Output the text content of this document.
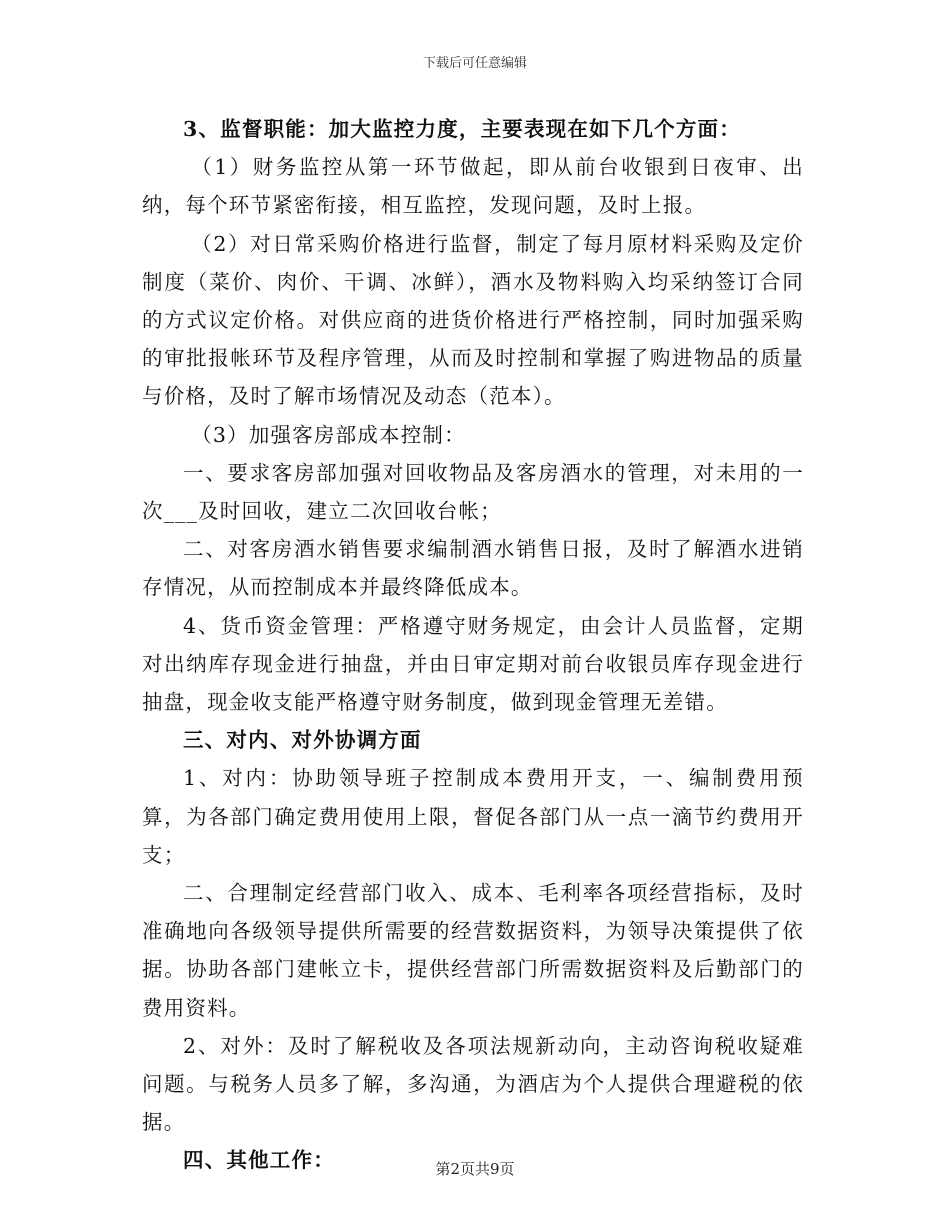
下载后可任意编辑

3、监督职能：加大监控力度，主要表现在如下几个方面：

（1）财务监控从第一环节做起，即从前台收银到日夜审、出纳，每个环节紧密衔接，相互监控，发现问题，及时上报。

（2）对日常采购价格进行监督，制定了每月原材料采购及定价制度（菜价、肉价、干调、冰鲜），酒水及物料购入均采纳签订合同的方式议定价格。对供应商的进货价格进行严格控制，同时加强采购的审批报帐环节及程序管理，从而及时控制和掌握了购进物品的质量与价格，及时了解市场情况及动态（范本）。

（3）加强客房部成本控制：

一、要求客房部加强对回收物品及客房酒水的管理，对未用的一次___及时回收，建立二次回收台帐；

二、对客房酒水销售要求编制酒水销售日报，及时了解酒水进销存情况，从而控制成本并最终降低成本。

4、货币资金管理：严格遵守财务规定，由会计人员监督，定期对出纳库存现金进行抽盘，并由日审定期对前台收银员库存现金进行抽盘，现金收支能严格遵守财务制度，做到现金管理无差错。

三、对内、对外协调方面

1、对内：协助领导班子控制成本费用开支，一、编制费用预算，为各部门确定费用使用上限，督促各部门从一点一滴节约费用开支；

二、合理制定经营部门收入、成本、毛利率各项经营指标，及时准确地向各级领导提供所需要的经营数据资料，为领导决策提供了依据。协助各部门建帐立卡，提供经营部门所需数据资料及后勤部门的费用资料。

2、对外：及时了解税收及各项法规新动向，主动咨询税收疑难问题。与税务人员多了解，多沟通，为酒店为个人提供合理避税的依据。

四、其他工作：	第2页共9页
